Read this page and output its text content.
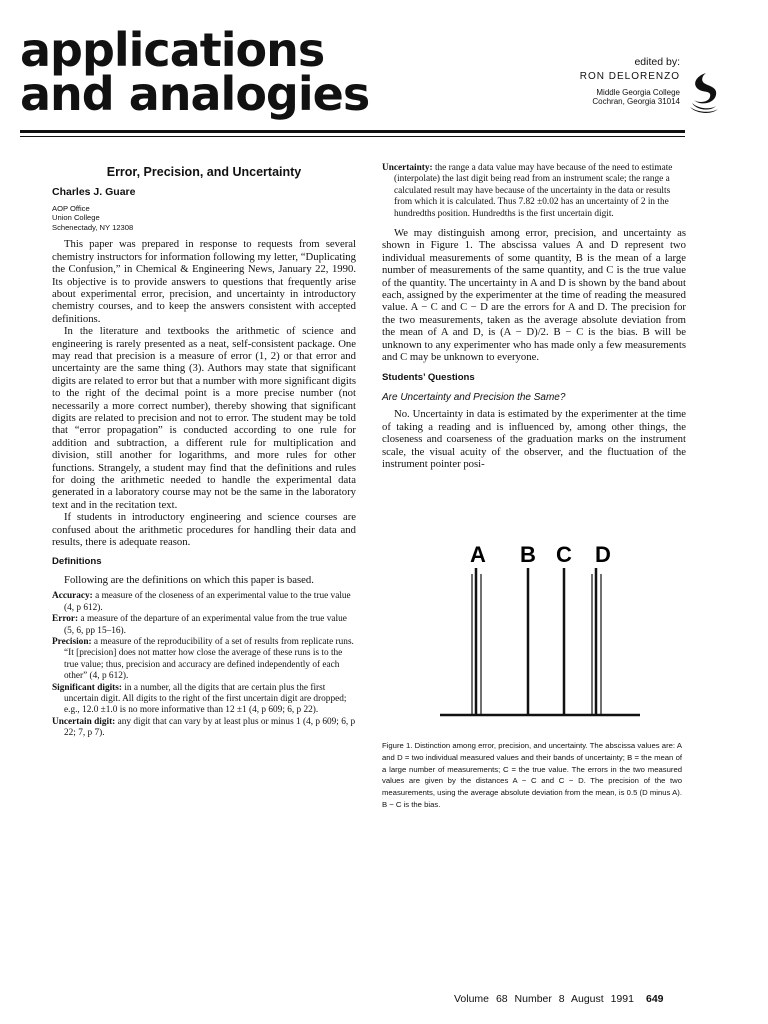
applications
and analogies
edited by:
RON DELORENZO
Middle Georgia College
Cochran, Georgia 31014
Error, Precision, and Uncertainty
Charles J. Guare
AOP Office
Union College
Schenectady, NY 12308

This paper was prepared in response to requests from several chemistry instructors for information following my letter, “Duplicating the Confusion,” in Chemical & Engineering News, January 22, 1990. Its objective is to provide answers to questions that frequently arise about experimental error, precision, and uncertainty in introductory chemistry courses, and to keep the answers consistent with accepted definitions.

In the literature and textbooks the arithmetic of science and engineering is rarely presented as a neat, self-consistent package. One may read that precision is a measure of error (1, 2) or that error and uncertainty are the same thing (3). Authors may state that significant digits are related to error but that a number with more significant digits to the right of the decimal point is a more precise number (not necessarily a more correct number), thereby showing that significant digits are related to precision and not to error. The student may be told that “error propagation” is conducted according to one rule for addition and subtraction, a different rule for multiplication and division, still another for logarithms, and more rules for other functions. Strangely, a student may find that the definitions and rules for doing the arithmetic needed to handle the experimental data generated in a laboratory course may not be the same in the laboratory text and in the recitation text.

If students in introductory engineering and science courses are confused about the arithmetic procedures for handling their data and results, there is adequate reason.

Definitions

Following are the definitions on which this paper is based.

Accuracy: a measure of the closeness of an experimental value to the true value (4, p 612).

Error: a measure of the departure of an experimental value from the true value (5, 6, pp 15–16).

Precision: a measure of the reproducibility of a set of results from replicate runs. “It [precision] does not matter how close the average of these runs is to the true value; thus, precision and accuracy are defined independently of each other” (4, p 612).

Significant digits: in a number, all the digits that are certain plus the first uncertain digit. All digits to the right of the first uncertain digit are dropped; e.g., 12.0 ±1.0 is no more informative than 12 ±1 (4, p 609; 6, p 22).

Uncertain digit: any digit that can vary by at least plus or minus 1 (4, p 609; 6, p 22; 7, p 7).

Uncertainty: the range a data value may have because of the need to estimate (interpolate) the last digit being read from an instrument scale; the range a calculated result may have because of the uncertainty in the data or results from which it is calculated. Thus 7.82 ±0.02 has an uncertainty of 2 in the hundredths position. Hundredths is the first uncertain digit.

We may distinguish among error, precision, and uncertainty as shown in Figure 1. The abscissa values A and D represent two individual measurements of some quantity, B is the mean of a large number of measurements of the same quantity, and C is the true value of the quantity. The uncertainty in A and D is shown by the band about each, assigned by the experimenter at the time of reading the measured value. A − C and C − D are the errors for A and D. The precision for the two measurements, taken as the average absolute deviation from the mean of A and D, is (A − D)/2. B − C is the bias. B will be unknown to any experimenter who has made only a few measurements and C may be unknown to everyone.

Students’ Questions
Are Uncertainty and Precision the Same?

No. Uncertainty in data is estimated by the experimenter at the time of taking a reading and is influenced by, among other things, the closeness and coarseness of the graduation marks on the instrument scale, the visual acuity of the observer, and the fluctuation of the instrument pointer posi-

A B C D
Figure 1. Distinction among error, precision, and uncertainty. The abscissa values are: A and D = two individual measured values and their bands of uncertainty; B = the mean of a large number of measurements; C = the true value. The errors in the two measured values are given by the distances A − C and C − D. The precision of the two measurements, using the average absolute deviation from the mean, is 0.5 (D minus A). B − C is the bias.
Volume 68 Number 8 August 1991 649
